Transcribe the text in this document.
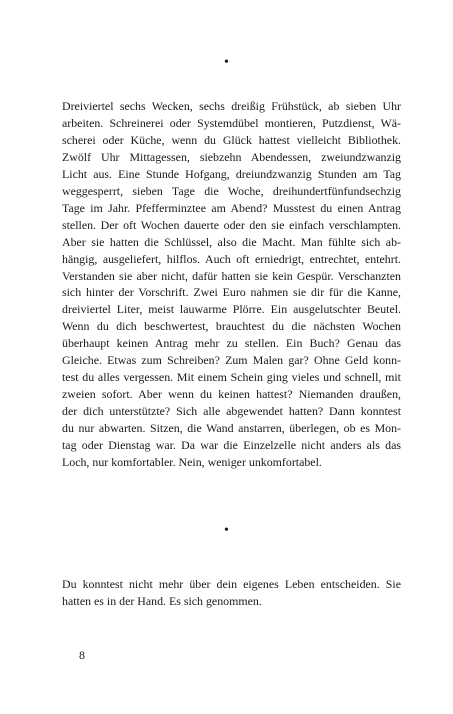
•
Dreiviertel sechs Wecken, sechs dreißig Frühstück, ab sieben Uhr
arbeiten. Schreinerei oder Systemdübel montieren, Putzdienst, Wä-
scherei oder Küche, wenn du Glück hattest vielleicht Bibliothek.
Zwölf Uhr Mittagessen, siebzehn Abendessen, zweiundzwanzig
Licht aus. Eine Stunde Hofgang, dreiundzwanzig Stunden am Tag
weggesperrt, sieben Tage die Woche, dreihundertfünfundsechzig
Tage im Jahr. Pfefferminztee am Abend? Musstest du einen Antrag
stellen. Der oft Wochen dauerte oder den sie einfach verschlampten.
Aber sie hatten die Schlüssel, also die Macht. Man fühlte sich ab-
hängig, ausgeliefert, hilflos. Auch oft erniedrigt, entrechtet, entehrt.
Verstanden sie aber nicht, dafür hatten sie kein Gespür. Verschanzten
sich hinter der Vorschrift. Zwei Euro nahmen sie dir für die Kanne,
dreiviertel Liter, meist lauwarme Plörre. Ein ausgelutschter Beutel.
Wenn du dich beschwertest, brauchtest du die nächsten Wochen
überhaupt keinen Antrag mehr zu stellen. Ein Buch? Genau das
Gleiche. Etwas zum Schreiben? Zum Malen gar? Ohne Geld konn-
test du alles vergessen. Mit einem Schein ging vieles und schnell, mit
zweien sofort. Aber wenn du keinen hattest? Niemanden draußen,
der dich unterstützte? Sich alle abgewendet hatten? Dann konntest
du nur abwarten. Sitzen, die Wand anstarren, überlegen, ob es Mon-
tag oder Dienstag war. Da war die Einzelzelle nicht anders als das
Loch, nur komfortabler. Nein, weniger unkomfortabel.
•
Du konntest nicht mehr über dein eigenes Leben entscheiden. Sie
hatten es in der Hand. Es sich genommen.
8
